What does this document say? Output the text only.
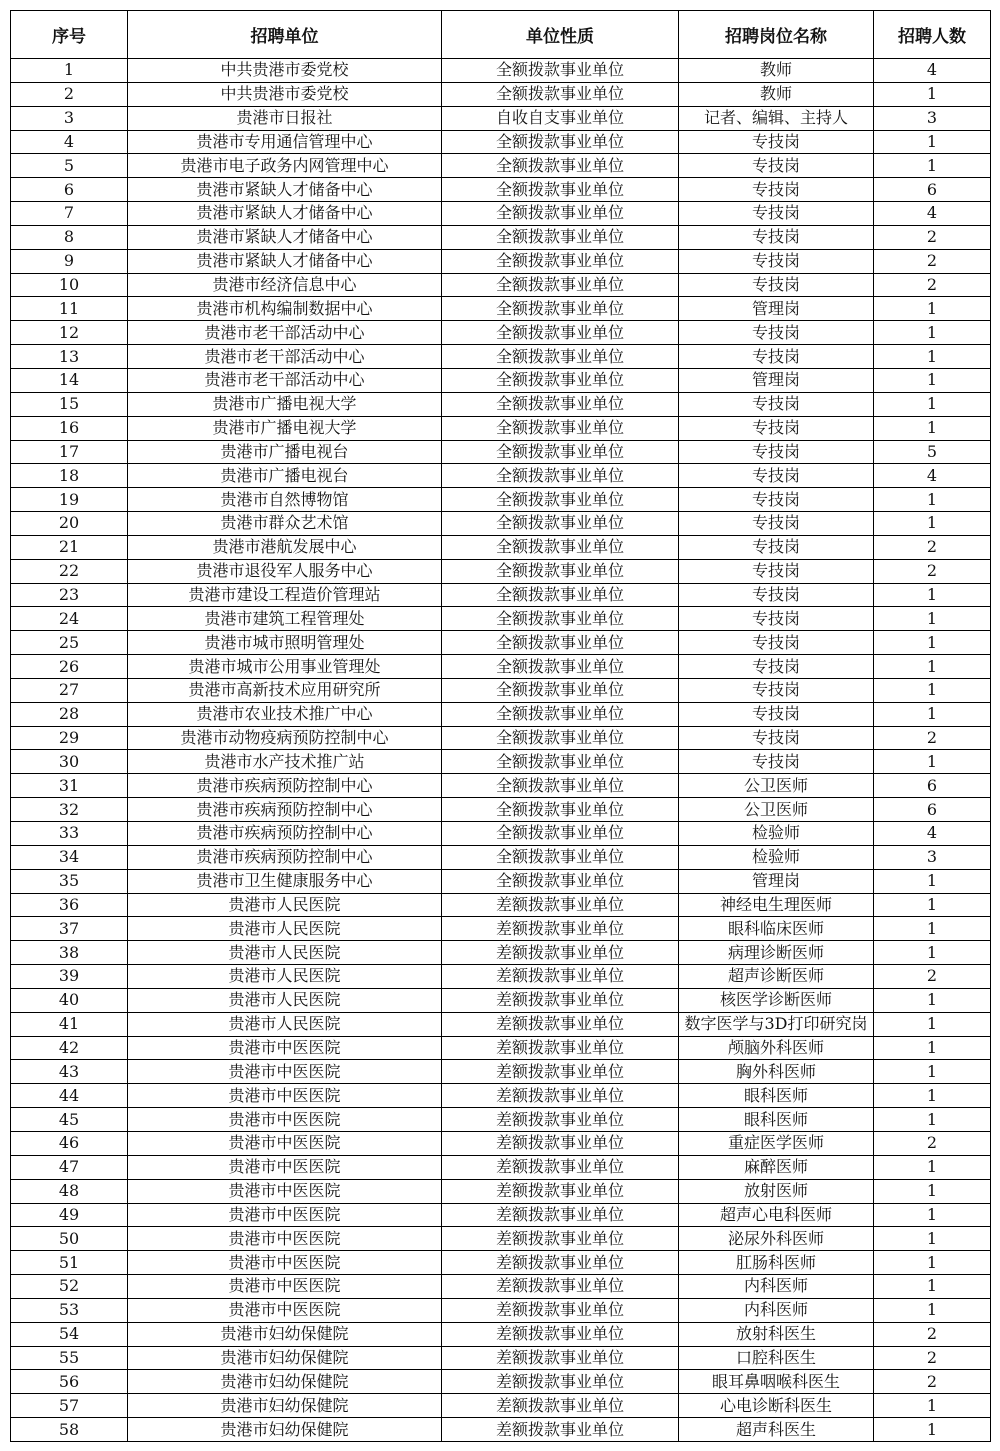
序号	招聘单位	单位性质	招聘岗位名称	招聘人数
1	中共贵港市委党校	全额拨款事业单位	教师	4
2	中共贵港市委党校	全额拨款事业单位	教师	1
3	贵港市日报社	自收自支事业单位	记者、编辑、主持人	3
4	贵港市专用通信管理中心	全额拨款事业单位	专技岗	1
5	贵港市电子政务内网管理中心	全额拨款事业单位	专技岗	1
6	贵港市紧缺人才储备中心	全额拨款事业单位	专技岗	6
7	贵港市紧缺人才储备中心	全额拨款事业单位	专技岗	4
8	贵港市紧缺人才储备中心	全额拨款事业单位	专技岗	2
9	贵港市紧缺人才储备中心	全额拨款事业单位	专技岗	2
10	贵港市经济信息中心	全额拨款事业单位	专技岗	2
11	贵港市机构编制数据中心	全额拨款事业单位	管理岗	1
12	贵港市老干部活动中心	全额拨款事业单位	专技岗	1
13	贵港市老干部活动中心	全额拨款事业单位	专技岗	1
14	贵港市老干部活动中心	全额拨款事业单位	管理岗	1
15	贵港市广播电视大学	全额拨款事业单位	专技岗	1
16	贵港市广播电视大学	全额拨款事业单位	专技岗	1
17	贵港市广播电视台	全额拨款事业单位	专技岗	5
18	贵港市广播电视台	全额拨款事业单位	专技岗	4
19	贵港市自然博物馆	全额拨款事业单位	专技岗	1
20	贵港市群众艺术馆	全额拨款事业单位	专技岗	1
21	贵港市港航发展中心	全额拨款事业单位	专技岗	2
22	贵港市退役军人服务中心	全额拨款事业单位	专技岗	2
23	贵港市建设工程造价管理站	全额拨款事业单位	专技岗	1
24	贵港市建筑工程管理处	全额拨款事业单位	专技岗	1
25	贵港市城市照明管理处	全额拨款事业单位	专技岗	1
26	贵港市城市公用事业管理处	全额拨款事业单位	专技岗	1
27	贵港市高新技术应用研究所	全额拨款事业单位	专技岗	1
28	贵港市农业技术推广中心	全额拨款事业单位	专技岗	1
29	贵港市动物疫病预防控制中心	全额拨款事业单位	专技岗	2
30	贵港市水产技术推广站	全额拨款事业单位	专技岗	1
31	贵港市疾病预防控制中心	全额拨款事业单位	公卫医师	6
32	贵港市疾病预防控制中心	全额拨款事业单位	公卫医师	6
33	贵港市疾病预防控制中心	全额拨款事业单位	检验师	4
34	贵港市疾病预防控制中心	全额拨款事业单位	检验师	3
35	贵港市卫生健康服务中心	全额拨款事业单位	管理岗	1
36	贵港市人民医院	差额拨款事业单位	神经电生理医师	1
37	贵港市人民医院	差额拨款事业单位	眼科临床医师	1
38	贵港市人民医院	差额拨款事业单位	病理诊断医师	1
39	贵港市人民医院	差额拨款事业单位	超声诊断医师	2
40	贵港市人民医院	差额拨款事业单位	核医学诊断医师	1
41	贵港市人民医院	差额拨款事业单位	数字医学与3D打印研究岗	1
42	贵港市中医医院	差额拨款事业单位	颅脑外科医师	1
43	贵港市中医医院	差额拨款事业单位	胸外科医师	1
44	贵港市中医医院	差额拨款事业单位	眼科医师	1
45	贵港市中医医院	差额拨款事业单位	眼科医师	1
46	贵港市中医医院	差额拨款事业单位	重症医学医师	2
47	贵港市中医医院	差额拨款事业单位	麻醉医师	1
48	贵港市中医医院	差额拨款事业单位	放射医师	1
49	贵港市中医医院	差额拨款事业单位	超声心电科医师	1
50	贵港市中医医院	差额拨款事业单位	泌尿外科医师	1
51	贵港市中医医院	差额拨款事业单位	肛肠科医师	1
52	贵港市中医医院	差额拨款事业单位	内科医师	1
53	贵港市中医医院	差额拨款事业单位	内科医师	1
54	贵港市妇幼保健院	差额拨款事业单位	放射科医生	2
55	贵港市妇幼保健院	差额拨款事业单位	口腔科医生	2
56	贵港市妇幼保健院	差额拨款事业单位	眼耳鼻咽喉科医生	2
57	贵港市妇幼保健院	差额拨款事业单位	心电诊断科医生	1
58	贵港市妇幼保健院	差额拨款事业单位	超声科医生	1
